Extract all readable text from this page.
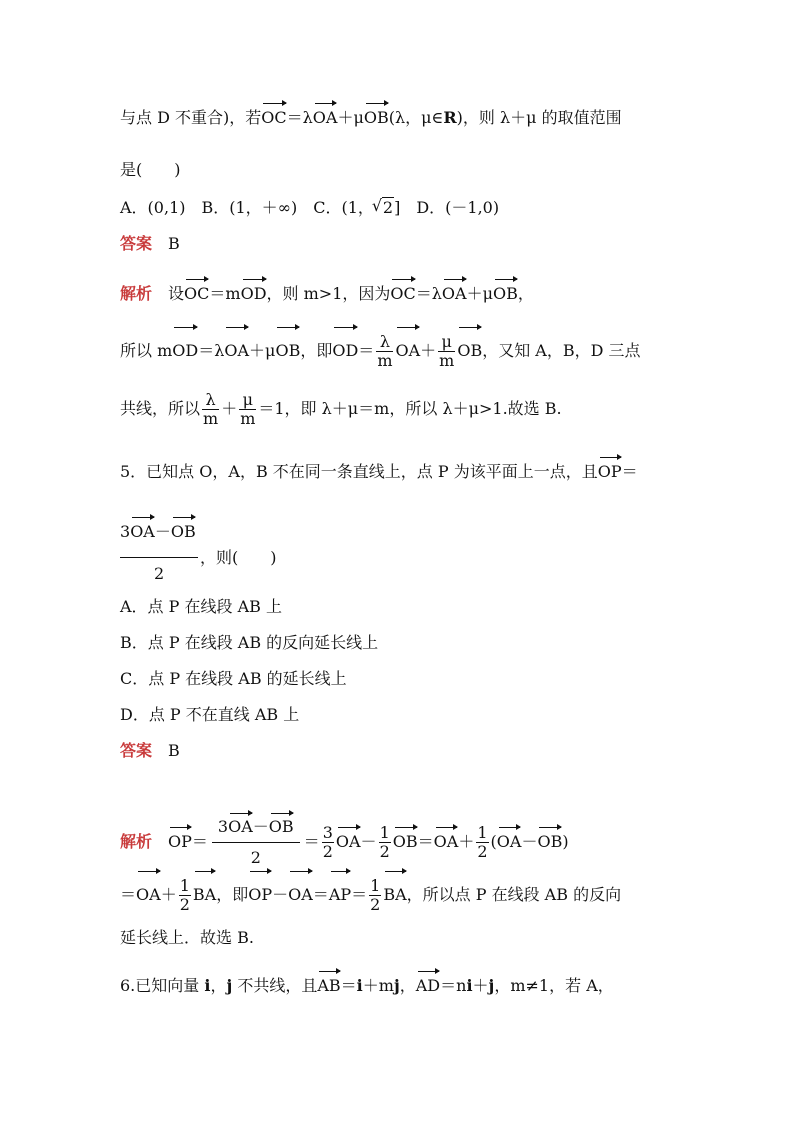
与点 D 不重合)，若OC＝λOA＋μOB(λ，μ∈R)，则 λ＋μ 的取值范围
是(　　)
A．(0,1)　B．(1，＋∞)　C．(1，√ 2]　D．(－1,0)
答案 B
解析 设OC＝mOD，则 m>1，因为OC＝λOA＋μOB，
所以 mOD＝λOA＋μOB，即$OD= \frac{\lambda}{m} OA+ \frac{\mu}{m}$ OB，又知 A，B，D 三点
共线，所以 $\frac{\lambda}{m} + \frac{\mu}{m} =1$，即 λ＋μ＝m，所以 λ＋μ>1.故选 B.
5．已知点 O，A，B 不在同一条直线上，点 P 为该平面上一点，且OP＝
3OA－OB
，则(　　)
2
A．点 P 在线段 AB 上
B．点 P 在线段 AB 的反向延长线上
C．点 P 在线段 AB 的延长线上
D．点 P 不在直线 AB 上
答案 B
解析 $OP= \frac{3OA-OB}{2} = \frac{3}{2} OA- \frac{1}{2} OB=OA+ \frac{1}{2} (OA-OB)$
$=OA+ \frac{1}{2}$ BA，即$OP-OA=AP= \frac{1}{2}$ BA，所以点 P 在线段 AB 的反向
延长线上．故选 B.
6.已知向量 i，j 不共线，且AB＝i＋mj，AD＝ni＋j，m≠1，若 A，
